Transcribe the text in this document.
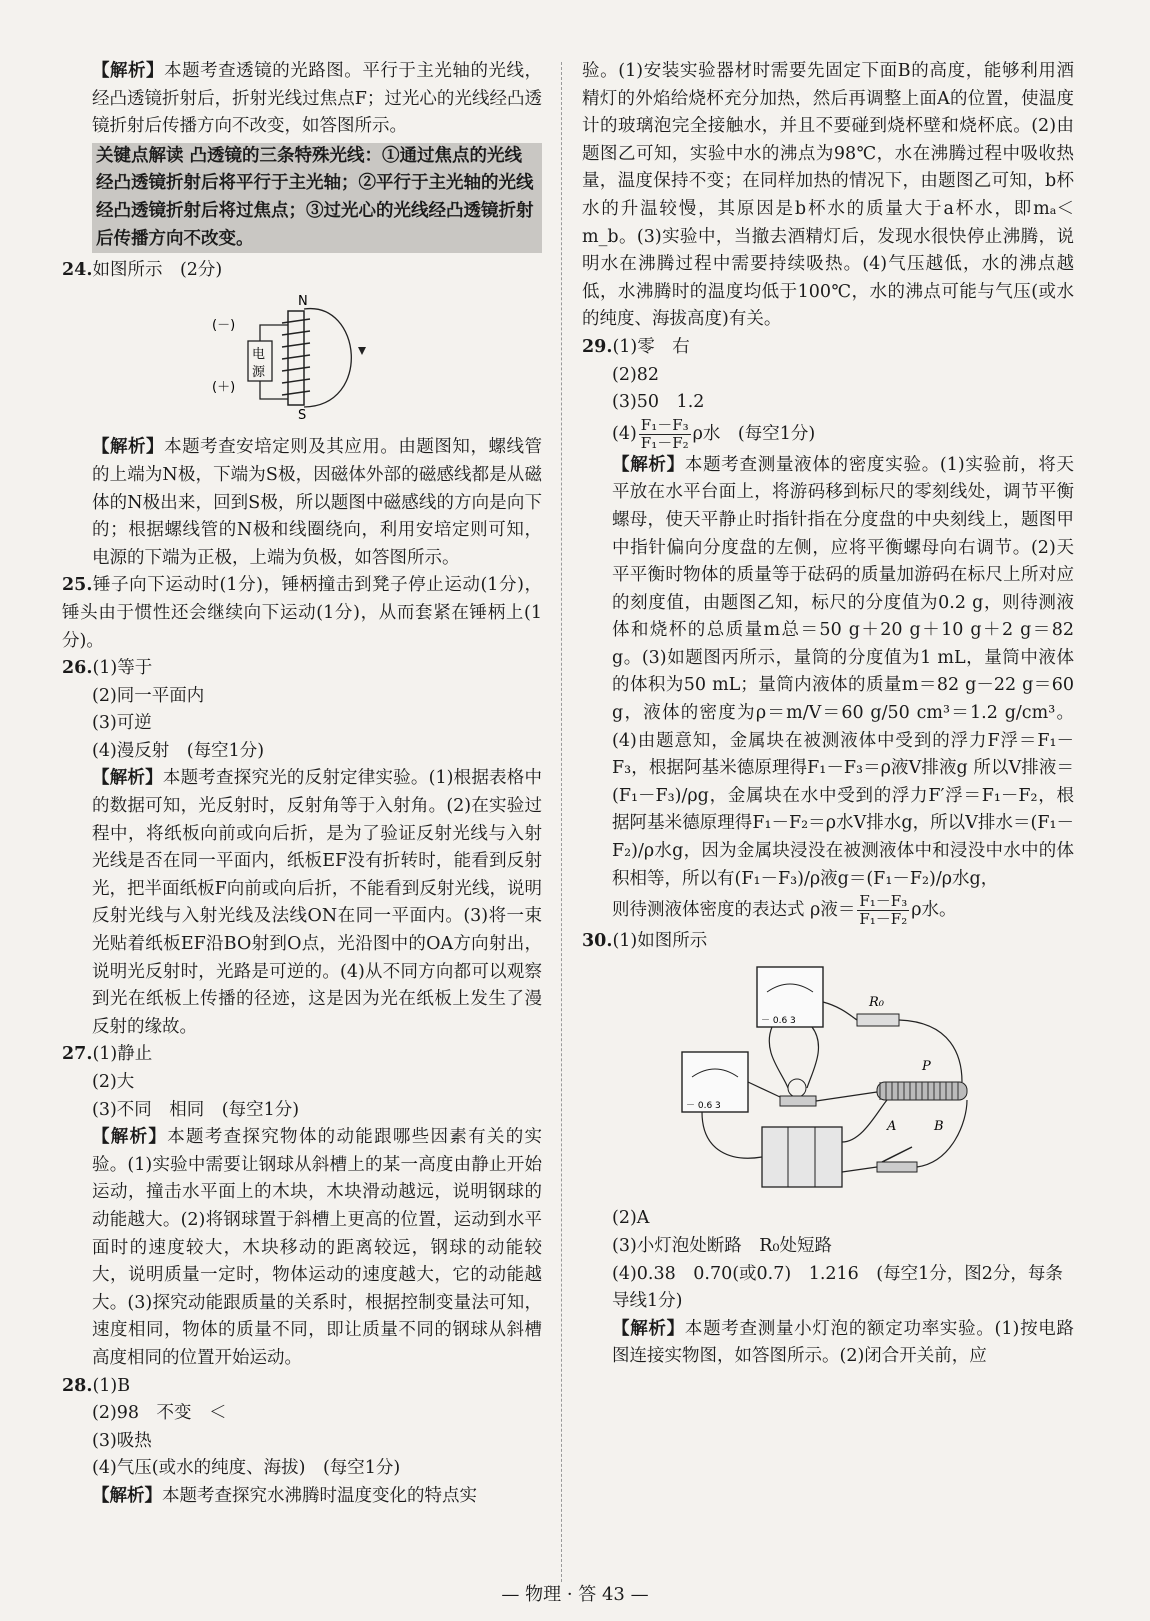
【解析】本题考查透镜的光路图。平行于主光轴的光线，经凸透镜折射后，折射光线过焦点F；过光心的光线经凸透镜折射后传播方向不改变，如答图所示。

关键点解读 凸透镜的三条特殊光线：①通过焦点的光线经凸透镜折射后将平行于主光轴；②平行于主光轴的光线经凸透镜折射后将过焦点；③过光心的光线经凸透镜折射后传播方向不改变。

24.如图所示　(2分)

N
S
(－)
(＋)
电
源

【解析】本题考查安培定则及其应用。由题图知，螺线管的上端为N极，下端为S极，因磁体外部的磁感线都是从磁体的N极出来，回到S极，所以题图中磁感线的方向是向下的；根据螺线管的N极和线圈绕向，利用安培定则可知，电源的下端为正极，上端为负极，如答图所示。

25.锤子向下运动时(1分)，锤柄撞击到凳子停止运动(1分)，锤头由于惯性还会继续向下运动(1分)，从而套紧在锤柄上(1分)。

26.(1)等于

(2)同一平面内

(3)可逆

(4)漫反射　(每空1分)

【解析】本题考查探究光的反射定律实验。(1)根据表格中的数据可知，光反射时，反射角等于入射角。(2)在实验过程中，将纸板向前或向后折，是为了验证反射光线与入射光线是否在同一平面内，纸板EF没有折转时，能看到反射光，把半面纸板F向前或向后折，不能看到反射光线，说明反射光线与入射光线及法线ON在同一平面内。(3)将一束光贴着纸板EF沿BO射到O点，光沿图中的OA方向射出，说明光反射时，光路是可逆的。(4)从不同方向都可以观察到光在纸板上传播的径迹，这是因为光在纸板上发生了漫反射的缘故。

27.(1)静止

(2)大

(3)不同　相同　(每空1分)

【解析】本题考查探究物体的动能跟哪些因素有关的实验。(1)实验中需要让钢球从斜槽上的某一高度由静止开始运动，撞击水平面上的木块，木块滑动越远，说明钢球的动能越大。(2)将钢球置于斜槽上更高的位置，运动到水平面时的速度较大，木块移动的距离较远，钢球的动能较大，说明质量一定时，物体运动的速度越大，它的动能越大。(3)探究动能跟质量的关系时，根据控制变量法可知，速度相同，物体的质量不同，即让质量不同的钢球从斜槽高度相同的位置开始运动。

28.(1)B

(2)98　不变　＜

(3)吸热

(4)气压(或水的纯度、海拔)　(每空1分)

【解析】本题考查探究水沸腾时温度变化的特点实

验。(1)安装实验器材时需要先固定下面B的高度，能够利用酒精灯的外焰给烧杯充分加热，然后再调整上面A的位置，使温度计的玻璃泡完全接触水，并且不要碰到烧杯壁和烧杯底。(2)由题图乙可知，实验中水的沸点为98℃，水在沸腾过程中吸收热量，温度保持不变；在同样加热的情况下，由题图乙可知，b杯水的升温较慢，其原因是b杯水的质量大于a杯水，即mₐ＜m_b。(3)实验中，当撤去酒精灯后，发现水很快停止沸腾，说明水在沸腾过程中需要持续吸热。(4)气压越低，水的沸点越低，水沸腾时的温度均低于100℃，水的沸点可能与气压(或水的纯度、海拔高度)有关。

29.(1)零　右

(2)82

(3)50　1.2

$(4) \frac{\text{F₁－F₃}}{\text{F₁－F₂}}$ ρ水　(每空1分)

【解析】本题考查测量液体的密度实验。(1)实验前，将天平放在水平台面上，将游码移到标尺的零刻线处，调节平衡螺母，使天平静止时指针指在分度盘的中央刻线上，题图甲中指针偏向分度盘的左侧，应将平衡螺母向右调节。(2)天平平衡时物体的质量等于砝码的质量加游码在标尺上所对应的刻度值，由题图乙知，标尺的分度值为0.2 g，则待测液体和烧杯的总质量m总＝50 g＋20 g＋10 g＋2 g＝82 g。(3)如题图丙所示，量筒的分度值为1 mL，量筒中液体的体积为50 mL；量筒内液体的质量m＝82 g－22 g＝60 g，液体的密度为ρ＝m/V＝60 g/50 cm³＝1.2 g/cm³。(4)由题意知，金属块在被测液体中受到的浮力F浮＝F₁－F₃，根据阿基米德原理得F₁－F₃＝ρ液V排液g 所以V排液＝(F₁－F₃)/ρg，金属块在水中受到的浮力F′浮＝F₁－F₂，根据阿基米德原理得F₁－F₂＝ρ水V排水g，所以V排水＝(F₁－F₂)/ρ水g，因为金属块浸没在被测液体中和浸没中水中的体积相等，所以有(F₁－F₃)/ρ液g＝(F₁－F₂)/ρ水g，

则待测液体密度的表达式 ρ液＝ $\frac{\text{F₁－F₃}}{\text{F₁－F₂}}$ ρ水。

30.(1)如图所示

－ 0.6 3
－ 0.6 3
R₀
P
A	B

(2)A

(3)小灯泡处断路　R₀处短路

(4)0.38　0.70(或0.7)　1.216　(每空1分，图2分，每条导线1分)

【解析】本题考查测量小灯泡的额定功率实验。(1)按电路图连接实物图，如答图所示。(2)闭合开关前，应

— 物理 · 答 43 —
